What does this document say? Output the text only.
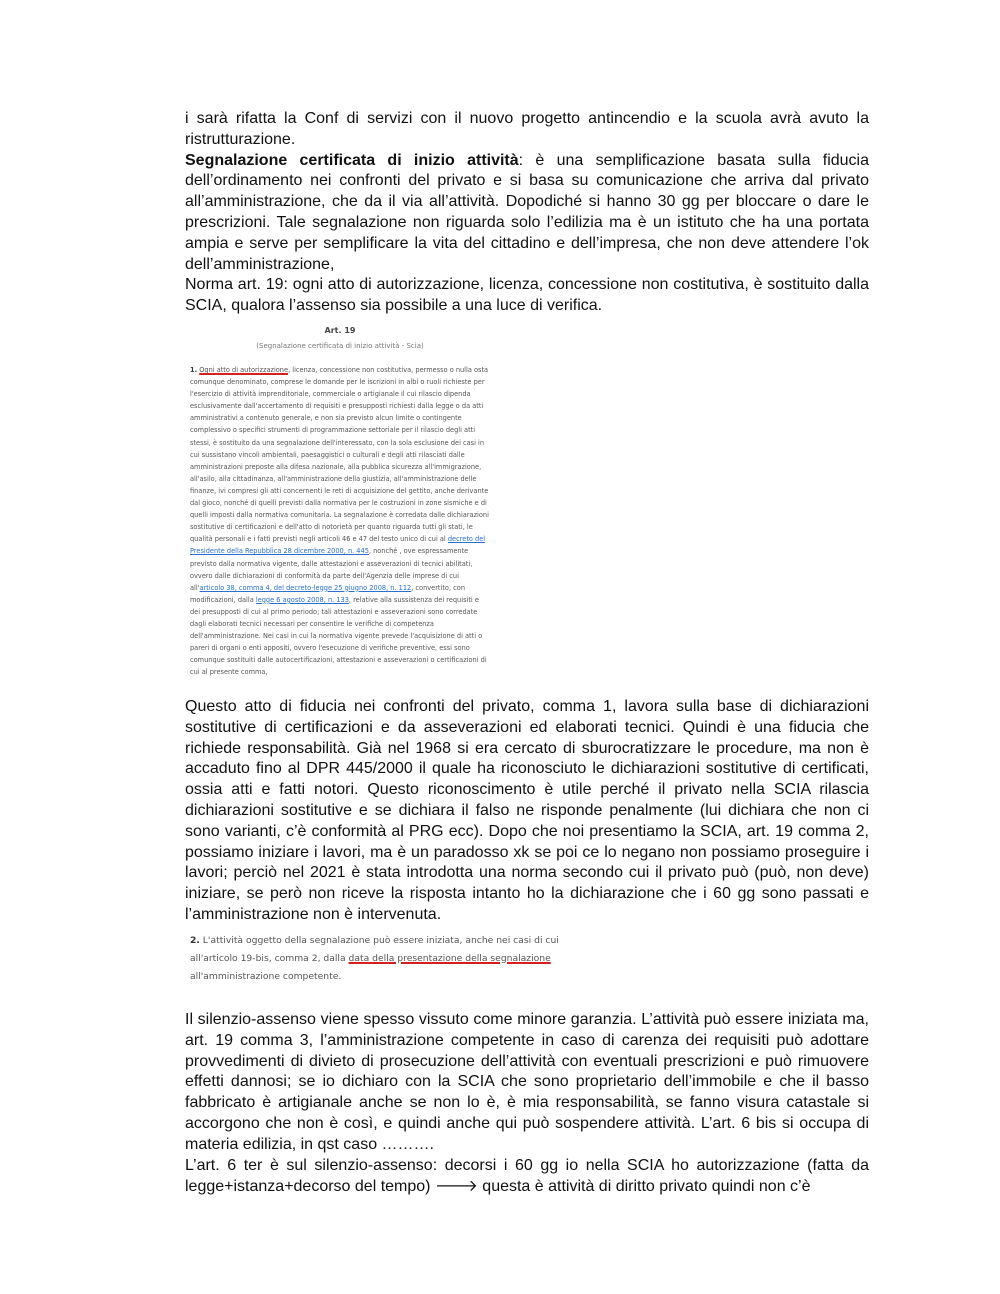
i sarà rifatta la Conf di servizi con il nuovo progetto antincendio e la scuola avrà avuto la ristrutturazione.

Segnalazione certificata di inizio attività: è una semplificazione basata sulla fiducia dell’ordinamento nei confronti del privato e si basa su comunicazione che arriva dal privato all’amministrazione, che da il via all’attività. Dopodiché si hanno 30 gg per bloccare o dare le prescrizioni. Tale segnalazione non riguarda solo l’edilizia ma è un istituto che ha una portata ampia e serve per semplificare la vita del cittadino e dell’impresa, che non deve attendere l’ok dell’amministrazione,

Norma art. 19: ogni atto di autorizzazione, licenza, concessione non costitutiva, è sostituito dalla SCIA, qualora l’assenso sia possibile a una luce di verifica.

Art. 19
(Segnalazione certificata di inizio attività - Scia)
1. Ogni atto di autorizzazione, licenza, concessione non costitutiva, permesso o nulla osta comunque denominato, comprese le domande per le iscrizioni in albi o ruoli richieste per l'esercizio di attività imprenditoriale, commerciale o artigianale il cui rilascio dipenda esclusivamente dall'accertamento di requisiti e presupposti richiesti dalla legge o da atti amministrativi a contenuto generale, e non sia previsto alcun limite o contingente complessivo o specifici strumenti di programmazione settoriale per il rilascio degli atti stessi, è sostituito da una segnalazione dell'interessato, con la sola esclusione dei casi in cui sussistano vincoli ambientali, paesaggistici o culturali e degli atti rilasciati dalle amministrazioni preposte alla difesa nazionale, alla pubblica sicurezza all'immigrazione, all'asilo, alla cittadinanza, all'amministrazione della giustizia, all'amministrazione delle finanze, ivi compresi gli atti concernenti le reti di acquisizione del gettito, anche derivante dal gioco, nonché di quelli previsti dalla normativa per le costruzioni in zone sismiche e di quelli imposti dalla normativa comunitaria. La segnalazione è corredata dalle dichiarazioni sostitutive di certificazioni e dell'atto di notorietà per quanto riguarda tutti gli stati, le qualità personali e i fatti previsti negli articoli 46 e 47 del testo unico di cui al decreto del Presidente della Repubblica 28 dicembre 2000, n. 445, nonché , ove espressamente previsto dalla normativa vigente, dalle attestazioni e asseverazioni di tecnici abilitati, ovvero dalle dichiarazioni di conformità da parte dell'Agenzia delle imprese di cui all'articolo 38, comma 4, del decreto-legge 25 giugno 2008, n. 112, convertito, con modificazioni, dalla legge 6 agosto 2008, n. 133, relative alla sussistenza dei requisiti e dei presupposti di cui al primo periodo; tali attestazioni e asseverazioni sono corredate dagli elaborati tecnici necessari per consentire le verifiche di competenza dell'amministrazione. Nei casi in cui la normativa vigente prevede l'acquisizione di atti o pareri di organi o enti appositi, ovvero l'esecuzione di verifiche preventive, essi sono comunque sostituiti dalle autocertificazioni, attestazioni e asseverazioni o certificazioni di cui al presente comma,

Questo atto di fiducia nei confronti del privato, comma 1, lavora sulla base di dichiarazioni sostitutive di certificazioni e da asseverazioni ed elaborati tecnici. Quindi è una fiducia che richiede responsabilità. Già nel 1968 si era cercato di sburocratizzare le procedure, ma non è accaduto fino al DPR 445/2000 il quale ha riconosciuto le dichiarazioni sostitutive di certificati, ossia atti e fatti notori. Questo riconoscimento è utile perché il privato nella SCIA rilascia dichiarazioni sostitutive e se dichiara il falso ne risponde penalmente (lui dichiara che non ci sono varianti, c’è conformità al PRG ecc). Dopo che noi presentiamo la SCIA, art. 19 comma 2, possiamo iniziare i lavori, ma è un paradosso xk se poi ce lo negano non possiamo proseguire i lavori; perciò nel 2021 è stata introdotta una norma secondo cui il privato può (può, non deve) iniziare, se però non riceve la risposta intanto ho la dichiarazione che i 60 gg sono passati e l’amministrazione non è intervenuta.

2. L'attività oggetto della segnalazione può essere iniziata, anche nei casi di cui all'articolo 19-bis, comma 2, dalla data della presentazione della segnalazione all'amministrazione competente.

Il silenzio-assenso viene spesso vissuto come minore garanzia. L’attività può essere iniziata ma, art. 19 comma 3, l’amministrazione competente in caso di carenza dei requisiti può adottare provvedimenti di divieto di prosecuzione dell’attività con eventuali prescrizioni e può rimuovere effetti dannosi; se io dichiaro con la SCIA che sono proprietario dell’immobile e che il basso fabbricato è artigianale anche se non lo è, è mia responsabilità, se fanno visura catastale si accorgono che non è così, e quindi anche qui può sospendere attività. L’art. 6 bis si occupa di materia edilizia, in qst caso ……….

L’art. 6 ter è sul silenzio-assenso: decorsi i 60 gg io nella SCIA ho autorizzazione (fatta da legge+istanza+decorso del tempo) 🡒 questa è attività di diritto privato quindi non c’è
